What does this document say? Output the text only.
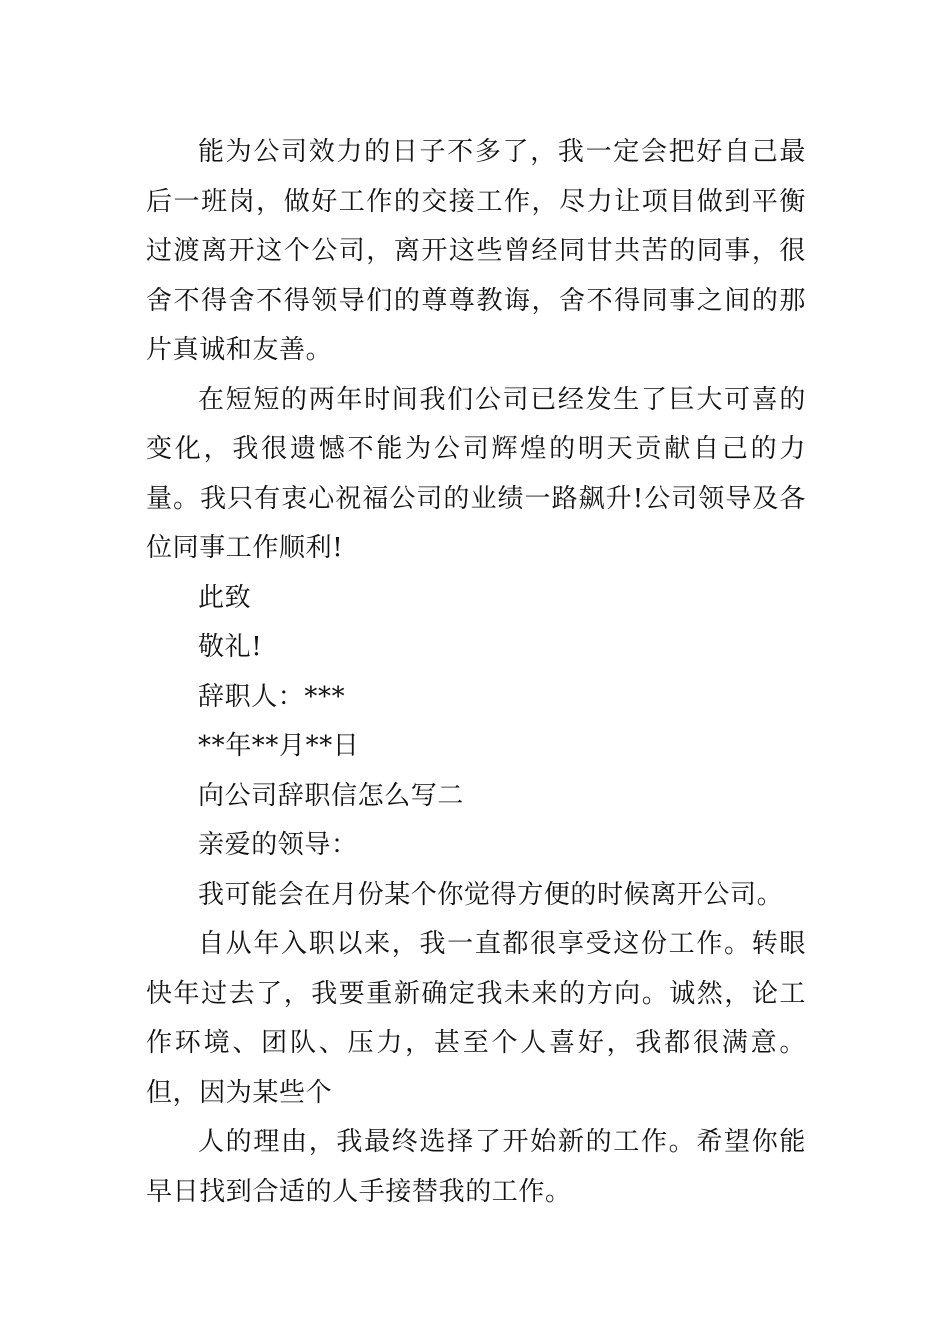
能为公司效力的日子不多了，我一定会把好自己最后一班岗，做好工作的交接工作，尽力让项目做到平衡过渡离开这个公司，离开这些曾经同甘共苦的同事，很舍不得舍不得领导们的尊尊教诲，舍不得同事之间的那片真诚和友善。

在短短的两年时间我们公司已经发生了巨大可喜的变化，我很遗憾不能为公司辉煌的明天贡献自己的力量。我只有衷心祝福公司的业绩一路飙升!公司领导及各位同事工作顺利!

此致

敬礼!

辞职人：***

**年**月**日

向公司辞职信怎么写二

亲爱的领导：

我可能会在月份某个你觉得方便的时候离开公司。

自从年入职以来，我一直都很享受这份工作。转眼快年过去了，我要重新确定我未来的方向。诚然，论工作环境、团队、压力，甚至个人喜好，我都很满意。但，因为某些个

人的理由，我最终选择了开始新的工作。希望你能早日找到合适的人手接替我的工作。
